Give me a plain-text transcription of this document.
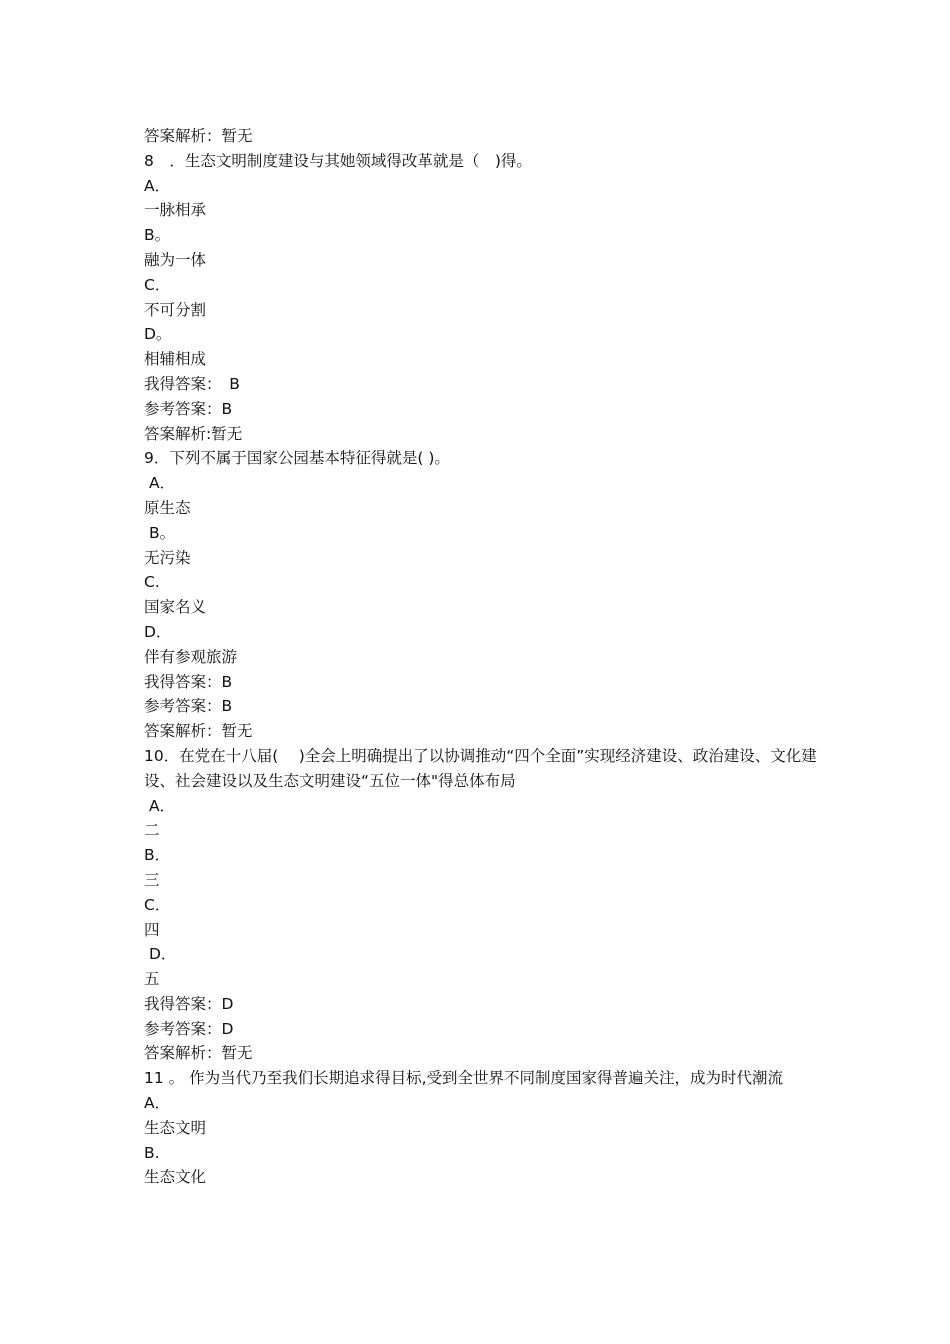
答案解析：暂无

8　．生态文明制度建设与其她领域得改革就是（　)得。

A．

一脉相承

B。

融为一体

C．

不可分割

D。

相辅相成

我得答案：　B

参考答案：B

答案解析:暂无

9．下列不属于国家公园基本特征得就是( )。

A．

原生态

B。

无污染

C.

国家名义

D．

伴有参观旅游

我得答案：B

参考答案：B

答案解析：暂无

10．在党在十八届(　 )全会上明确提出了以协调推动“四个全面”实现经济建设、政治建设、文化建设、社会建设以及生态文明建设“五位一体"得总体布局

A．

二

B．

三

C．

四

D．

五

我得答案：D

参考答案：D

答案解析：暂无

11 。 作为当代乃至我们长期追求得目标,受到全世界不同制度国家得普遍关注，成为时代潮流

A．

生态文明

B.

生态文化
